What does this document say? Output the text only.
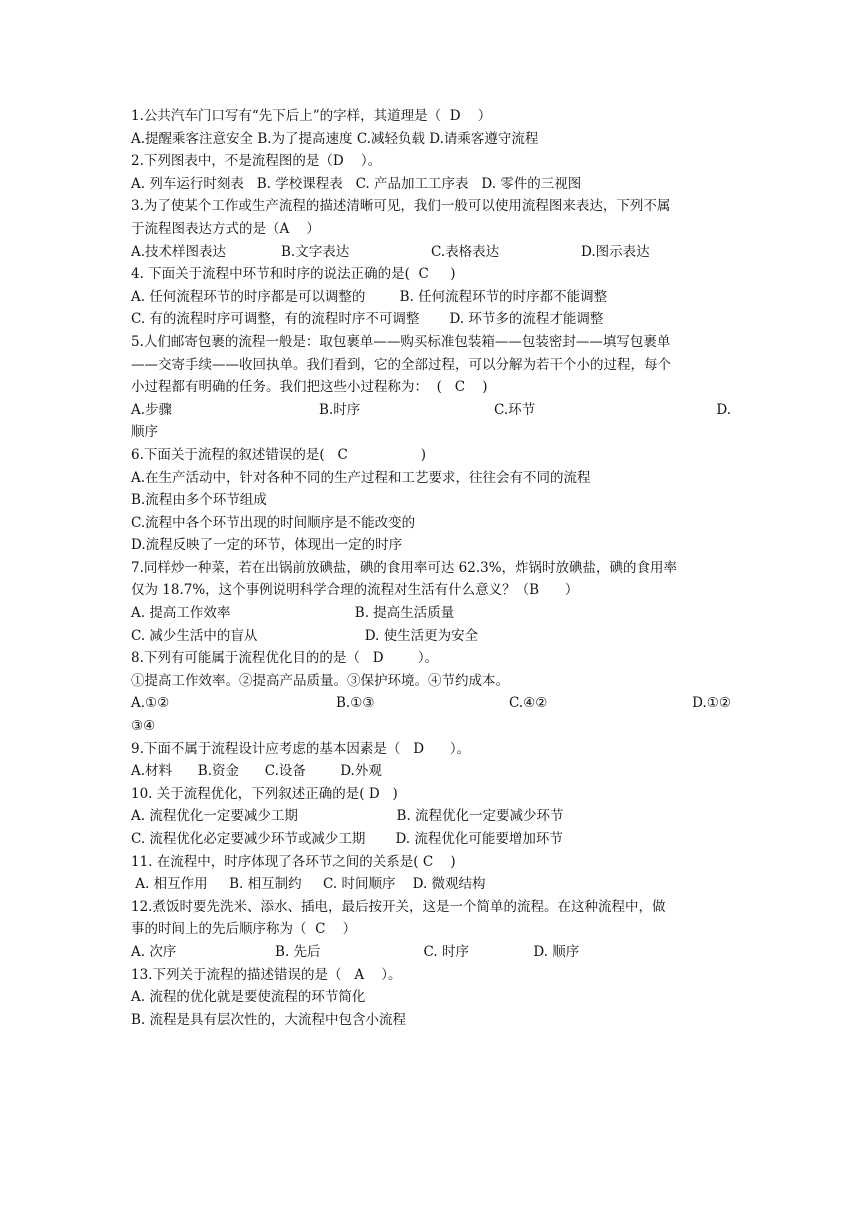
1.公共汽车门口写有“先下后上”的字样，其道理是（  D    ）
A.提醒乘客注意安全 B.为了提高速度 C.减轻负载 D.请乘客遵守流程
2.下列图表中，不是流程图的是（D    ）。
A. 列车运行时刻表   B. 学校课程表   C. 产品加工工序表   D. 零件的三视图
3.为了使某个工作或生产流程的描述清晰可见，我们一般可以使用流程图来表达，下列不属
于流程图表达方式的是（A    ）
A.技术样图表达	B.文字表达	C.表格表达	D.图示表达
4. 下面关于流程中环节和时序的说法正确的是(  C     )
A. 任何流程环节的时序都是可以调整的        B. 任何流程环节的时序都不能调整
C. 有的流程时序可调整，有的流程时序不可调整       D. 环节多的流程才能调整
5.人们邮寄包裹的流程一般是：取包裹单——购买标准包装箱——包装密封——填写包裹单
——交寄手续——收回执单。我们看到，它的全部过程，可以分解为若干个小的过程，每个
小过程都有明确的任务。我们把这些小过程称为：  (   C    )
A.步骤	B.时序	C.环节	D.
顺序
6.下面关于流程的叙述错误的是(   C                 )
A.在生产活动中，针对各种不同的生产过程和工艺要求，往往会有不同的流程
B.流程由多个环节组成
C.流程中各个环节出现的时间顺序是不能改变的
D.流程反映了一定的环节，体现出一定的时序
7.同样炒一种菜，若在出锅前放碘盐，碘的食用率可达 62.3%，炸锅时放碘盐，碘的食用率
仅为 18.7%，这个事例说明科学合理的流程对生活有什么意义？（B      ）
A. 提高工作效率                             B. 提高生活质量
C. 减少生活中的盲从                         D. 使生活更为安全
8.下列有可能属于流程优化目的的是（   D        ）。
①提高工作效率。②提高产品质量。③保护环境。④节约成本。
A.①②	B.①③	C.④②	D.①②
③④
9.下面不属于流程设计应考虑的基本因素是（   D      ）。
A.材料      B.资金      C.设备        D.外观
10. 关于流程优化，下列叙述正确的是( D   )
A. 流程优化一定要减少工期                       B. 流程优化一定要减少环节
C. 流程优化必定要减少环节或减少工期       D. 流程优化可能要增加环节
11. 在流程中，时序体现了各环节之间的关系是( C    )
A. 相互作用     B. 相互制约     C. 时间顺序    D. 微观结构
12.煮饭时要先洗米、添水、插电，最后按开关，这是一个简单的流程。在这种流程中，做
事的时间上的先后顺序称为（  C    ）
A. 次序                       B. 先后                        C. 时序               D. 顺序
13.下列关于流程的描述错误的是（   A    ）。
A. 流程的优化就是要使流程的环节简化
B. 流程是具有层次性的，大流程中包含小流程
